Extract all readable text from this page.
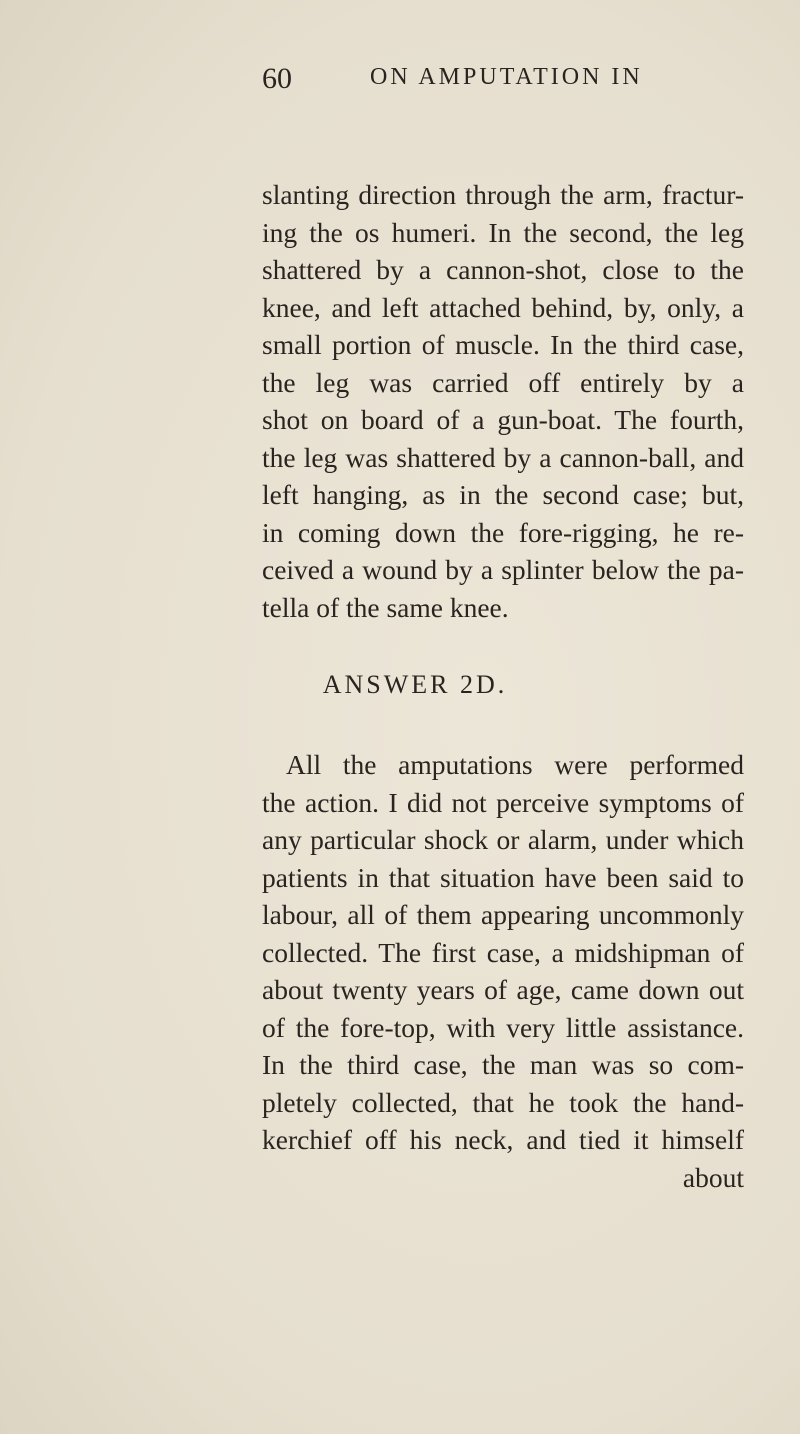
60	ON AMPUTATION IN
slanting direction through the arm, fractur-
ing the os humeri. In the second, the leg
shattered by a cannon-shot, close to the
knee, and left attached behind, by, only, a
small portion of muscle. In the third case,
the leg was carried off entirely by a
shot on board of a gun-boat. The fourth,
the leg was shattered by a cannon-ball, and
left hanging, as in the second case; but,
in coming down the fore-rigging, he re-
ceived a wound by a splinter below the pa-
tella of the same knee.
ANSWER 2D.
All the amputations were performed
the action. I did not perceive symptoms of
any particular shock or alarm, under which
patients in that situation have been said to
labour, all of them appearing uncommonly
collected. The first case, a midshipman of
about twenty years of age, came down out
of the fore-top, with very little assistance.
In the third case, the man was so com-
pletely collected, that he took the hand-
kerchief off his neck, and tied it himself
about
